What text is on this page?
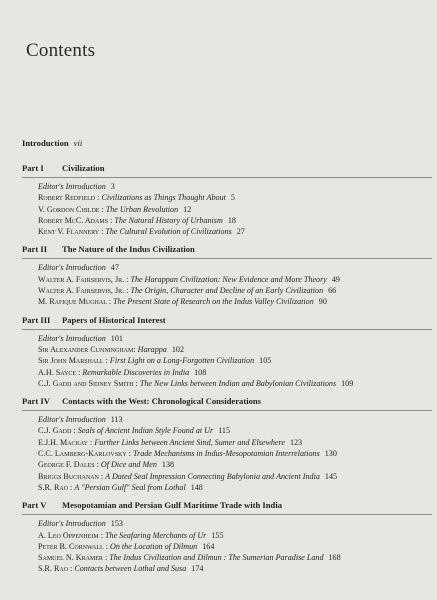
Contents
Introduction vii
Part I	Civilization
Editor's Introduction 3
Robert Redfield : Civilizations as Things Thought About 5
V. Gordon Childe : The Urban Revolution 12
Robert McC. Adams : The Natural History of Urbanism 18
Kent V. Flannery : The Cultural Evolution of Civilizations 27
Part II	The Nature of the Indus Civilization
Editor's Introduction 47
Walter A. Fairservis, Jr. : The Harappan Civilization: New Evidence and More Theory 49
Walter A. Fairservis, Jr. : The Origin, Character and Decline of an Early Civilization 66
M. Rafique Mughal : The Present State of Research on the Indus Valley Civilization 90
Part III	Papers of Historical Interest
Editor's Introduction 101
Sir Alexander Cunningham: Harappa 102
Sir John Marshall : First Light on a Long-Forgotten Civilization 105
A.H. Sayce : Remarkable Discoveries in India 108
C.J. Gadd and Sidney Smith : The New Links between Indian and Babylonian Civilizations 109
Part IV	Contacts with the West: Chronological Considerations
Editor's Introduction 113
C.J. Gadd : Seals of Ancient Indian Style Found at Ur 115
E.J.H. Mackay : Further Links between Ancient Sind, Sumer and Elsewhere 123
C.C. Lamberg-Karlovsky : Trade Mechanisms in Indus-Mesopotamian Interrelations 130
George F. Dales : Of Dice and Men 138
Briggs Buchanan : A Dated Seal Impression Connecting Babylonia and Ancient India 145
S.R. Rao : A "Persian Gulf" Seal from Lothal 148
Part V	Mesopotamian and Persian Gulf Maritime Trade with India
Editor's Introduction 153
A. Leo Oppenheim : The Seafaring Merchants of Ur 155
Peter B. Cornwall : On the Location of Dilmun 164
Samuel N. Kramer : The Indus Civilization and Dilmun : The Sumerian Paradise Land 168
S.R. Rao : Contacts between Lothal and Susa 174
